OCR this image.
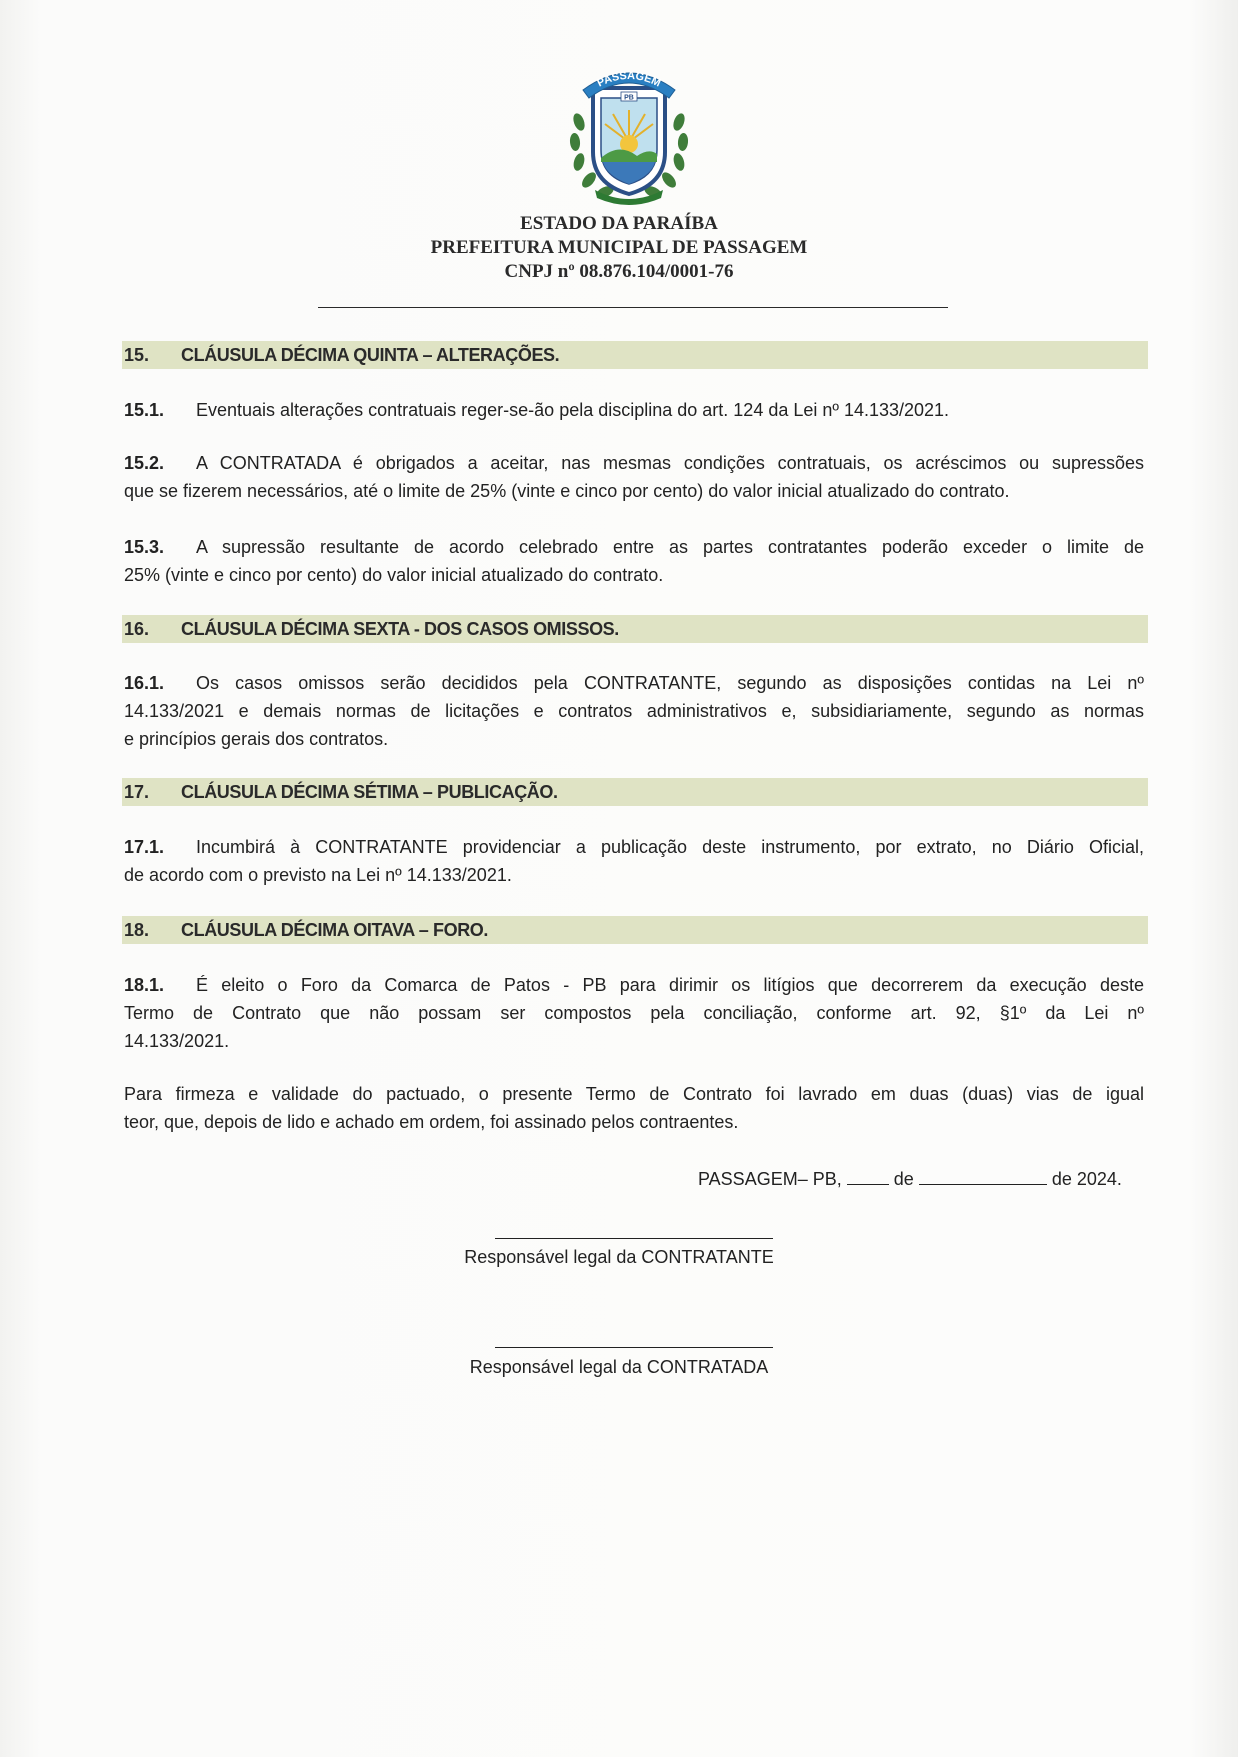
PASSAGEM
PB
ESTADO DA PARAÍBA
PREFEITURA MUNICIPAL DE PASSAGEM
CNPJ nº 08.876.104/0001-76
15. CLÁUSULA DÉCIMA QUINTA – ALTERAÇÕES.
15.1. Eventuais alterações contratuais reger-se-ão pela disciplina do art. 124 da Lei nº 14.133/2021.
15.2. A CONTRATADA é obrigados a aceitar, nas mesmas condições contratuais, os acréscimos ou supressões
que se fizerem necessários, até o limite de 25% (vinte e cinco por cento) do valor inicial atualizado do contrato.
15.3. A supressão resultante de acordo celebrado entre as partes contratantes poderão exceder o limite de
25% (vinte e cinco por cento) do valor inicial atualizado do contrato.
16. CLÁUSULA DÉCIMA SEXTA - DOS CASOS OMISSOS.
16.1. Os casos omissos serão decididos pela CONTRATANTE, segundo as disposições contidas na Lei nº
14.133/2021 e demais normas de licitações e contratos administrativos e, subsidiariamente, segundo as normas
e princípios gerais dos contratos.
17. CLÁUSULA DÉCIMA SÉTIMA – PUBLICAÇÃO.
17.1. Incumbirá à CONTRATANTE providenciar a publicação deste instrumento, por extrato, no Diário Oficial,
de acordo com o previsto na Lei nº 14.133/2021.
18. CLÁUSULA DÉCIMA OITAVA – FORO.
18.1. É eleito o Foro da Comarca de Patos - PB para dirimir os litígios que decorrerem da execução deste
Termo de Contrato que não possam ser compostos pela conciliação, conforme art. 92, §1º da Lei nº
14.133/2021.
Para firmeza e validade do pactuado, o presente Termo de Contrato foi lavrado em duas (duas) vias de igual
teor, que, depois de lido e achado em ordem, foi assinado pelos contraentes.
PASSAGEM– PB,	de	de 2024.
Responsável legal da CONTRATANTE
Responsável legal da CONTRATADA
